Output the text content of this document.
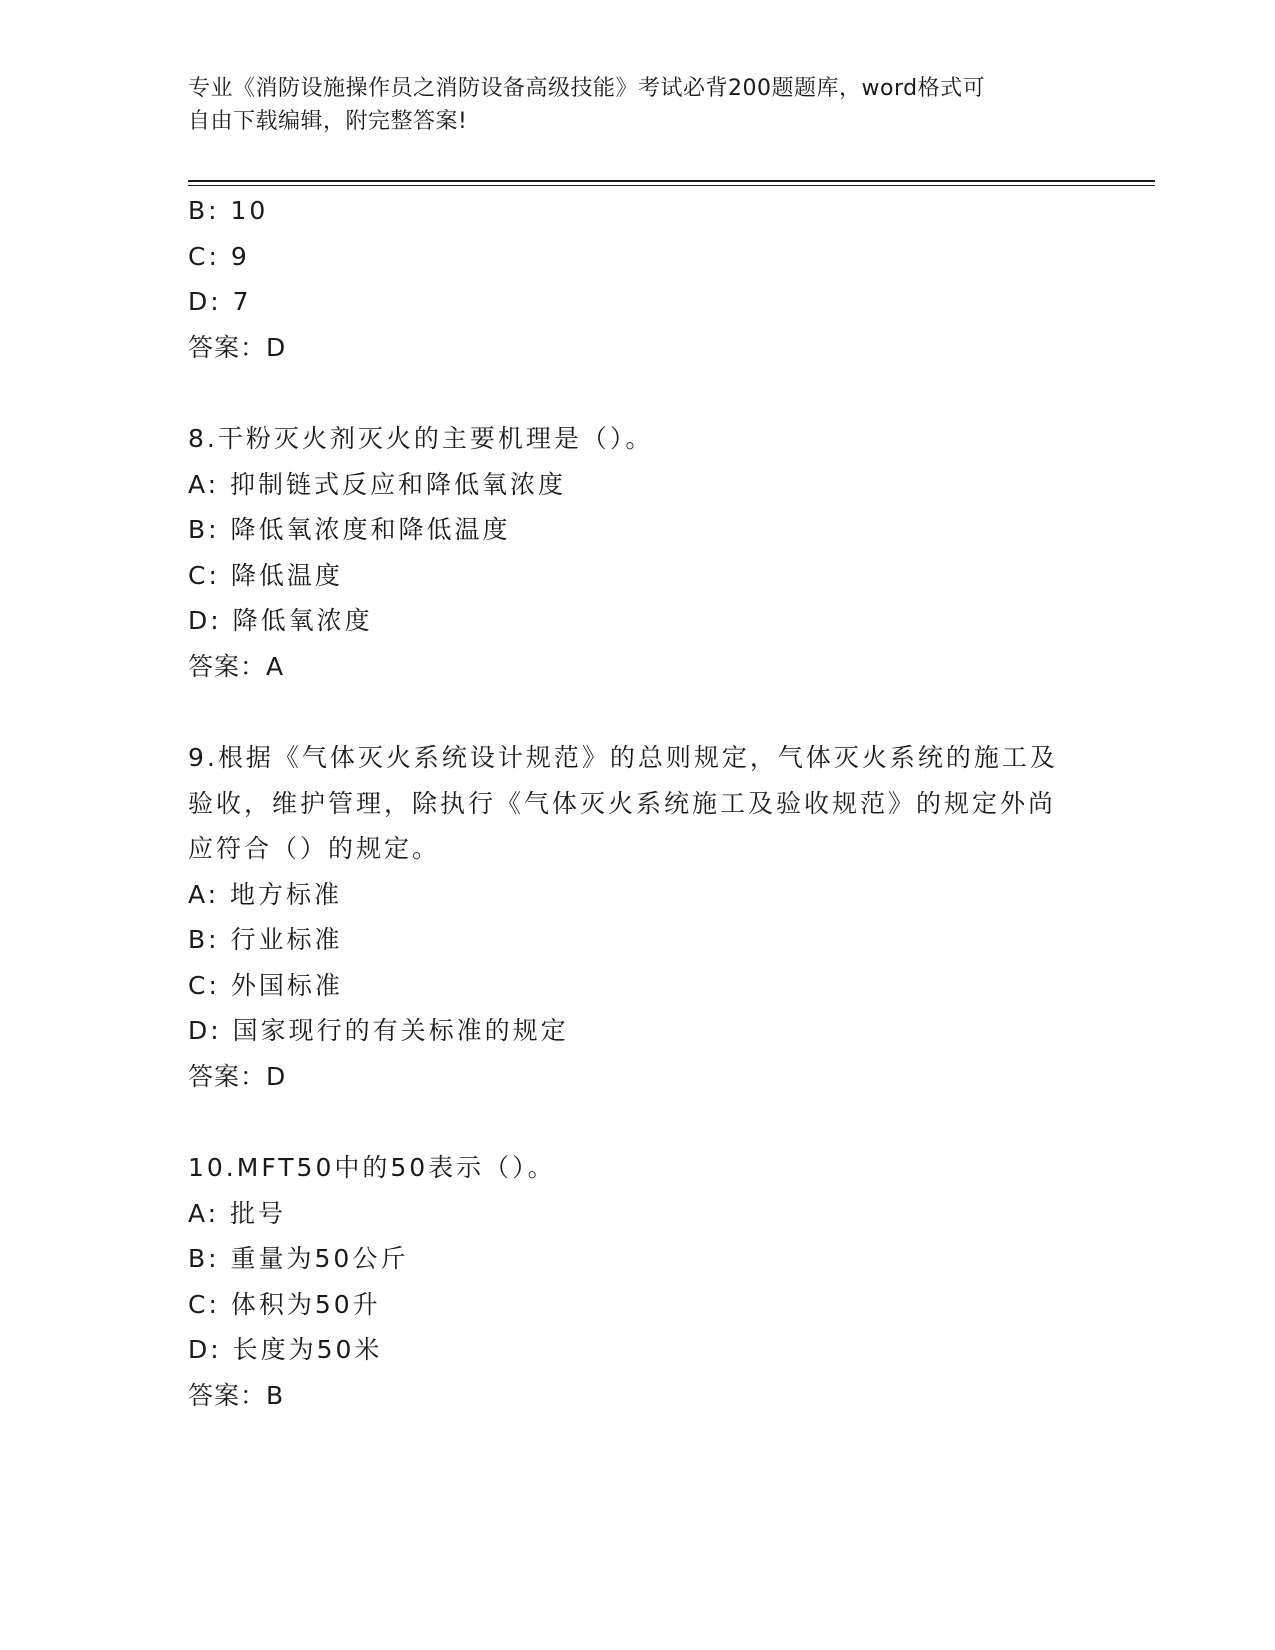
专业《消防设施操作员之消防设备高级技能》考试必背200题题库，word格式可
自由下载编辑，附完整答案!
B: 10
C: 9
D: 7
答案：D
8.干粉灭火剂灭火的主要机理是（）。
A: 抑制链式反应和降低氧浓度
B: 降低氧浓度和降低温度
C: 降低温度
D: 降低氧浓度
答案：A
9.根据《气体灭火系统设计规范》的总则规定，气体灭火系统的施工及验收，维护管理，除执行《气体灭火系统施工及验收规范》的规定外尚应符合（）的规定。
A: 地方标准
B: 行业标准
C: 外国标准
D: 国家现行的有关标准的规定
答案：D
10.MFT50中的50表示（）。
A: 批号
B: 重量为50公斤
C: 体积为50升
D: 长度为50米
答案：B
